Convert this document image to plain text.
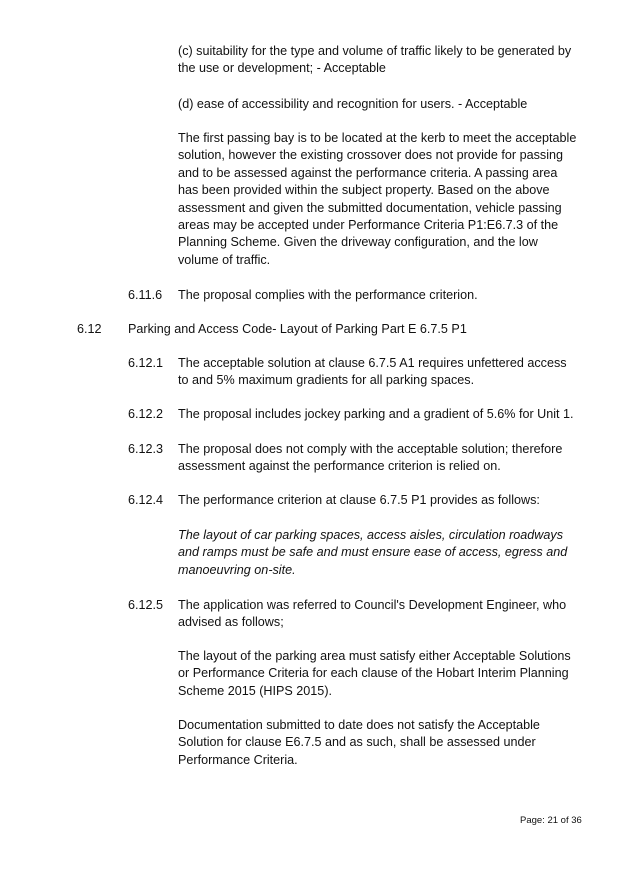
(c) suitability for the type and volume of traffic likely to be generated by the use or development; - Acceptable

(d) ease of accessibility and recognition for users. - Acceptable

The first passing bay is to be located at the kerb to meet the acceptable solution, however the existing crossover does not provide for passing and to be assessed against the performance criteria. A passing area has been provided within the subject property. Based on the above assessment and given the submitted documentation, vehicle passing areas may be accepted under Performance Criteria P1:E6.7.3 of the Planning Scheme. Given the driveway configuration, and the low volume of traffic.

6.11.6 The proposal complies with the performance criterion.
6.12 Parking and Access Code- Layout of Parking Part E 6.7.5 P1
6.12.1 The acceptable solution at clause 6.7.5 A1 requires unfettered access to and 5% maximum gradients for all parking spaces.
6.12.2 The proposal includes jockey parking and a gradient of 5.6% for Unit 1.
6.12.3 The proposal does not comply with the acceptable solution; therefore assessment against the performance criterion is relied on.
6.12.4 The performance criterion at clause 6.7.5 P1 provides as follows:

The layout of car parking spaces, access aisles, circulation roadways and ramps must be safe and must ensure ease of access, egress and manoeuvring on-site.

6.12.5 The application was referred to Council's Development Engineer, who advised as follows;

The layout of the parking area must satisfy either Acceptable Solutions or Performance Criteria for each clause of the Hobart Interim Planning Scheme 2015 (HIPS 2015).

Documentation submitted to date does not satisfy the Acceptable Solution for clause E6.7.5 and as such, shall be assessed under Performance Criteria.

Page: 21 of 36
